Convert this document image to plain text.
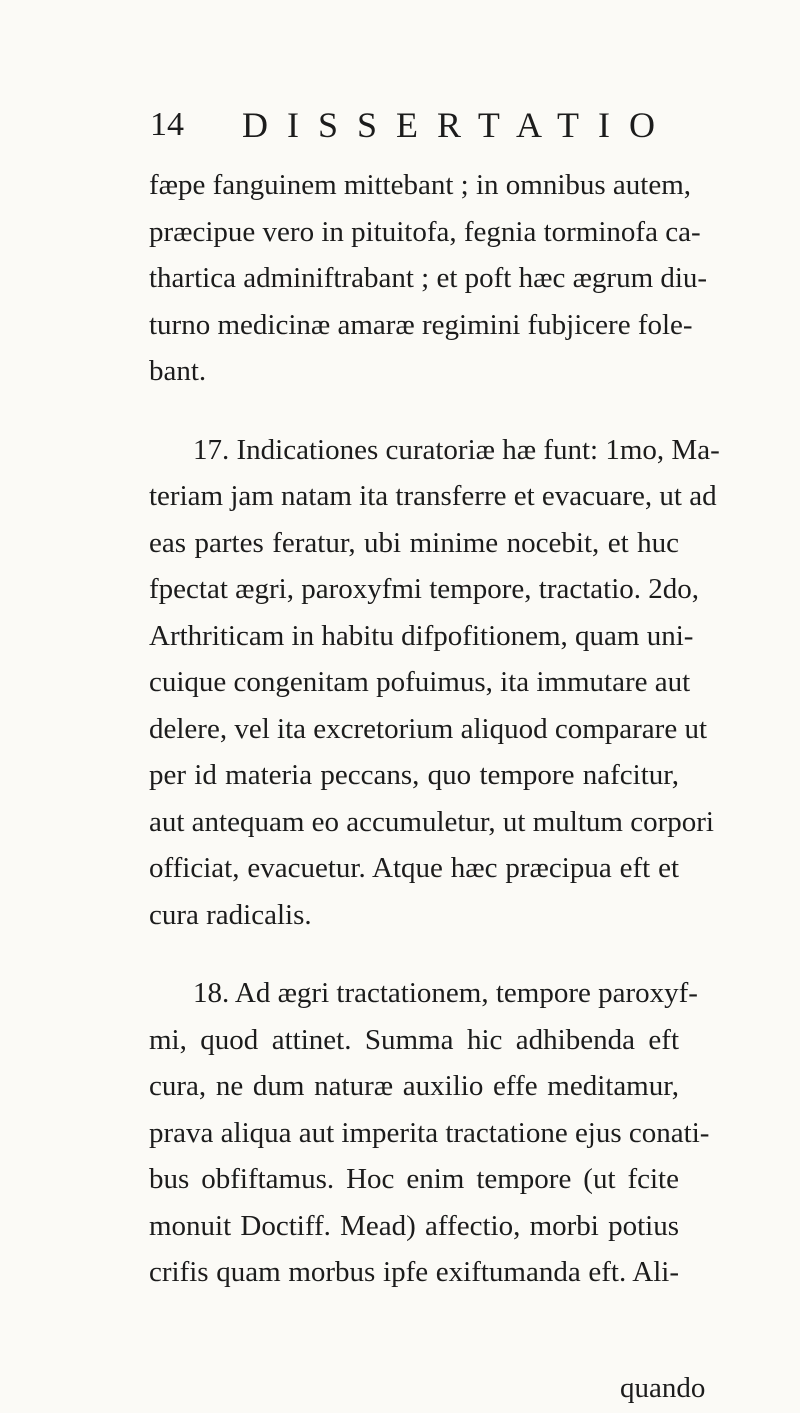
14 DISSERTATIO
fæpe fanguinem mittebant ; in omnibus autem,
præcipue vero in pituitofa, fegnia torminofa ca-
thartica adminiftrabant ; et poft hæc ægrum diu-
turno medicinæ amaræ regimini fubjicere fole-
bant.
17. Indicationes curatoriæ hæ funt: 1mo, Ma-
teriam jam natam ita transferre et evacuare, ut ad
eas partes feratur, ubi minime nocebit, et huc
fpectat ægri, paroxyfmi tempore, tractatio. 2do,
Arthriticam in habitu difpofitionem, quam uni-
cuique congenitam pofuimus, ita immutare aut
delere, vel ita excretorium aliquod comparare ut
per id materia peccans, quo tempore nafcitur,
aut antequam eo accumuletur, ut multum corpori
officiat, evacuetur. Atque hæc præcipua eft et
cura radicalis.
18. Ad ægri tractationem, tempore paroxyf-
mi, quod attinet. Summa hic adhibenda eft
cura, ne dum naturæ auxilio effe meditamur,
prava aliqua aut imperita tractatione ejus conati-
bus obfiftamus. Hoc enim tempore (ut fcite
monuit Doctiff. Mead) affectio, morbi potius
crifis quam morbus ipfe exiftumanda eft. Ali-
quando
